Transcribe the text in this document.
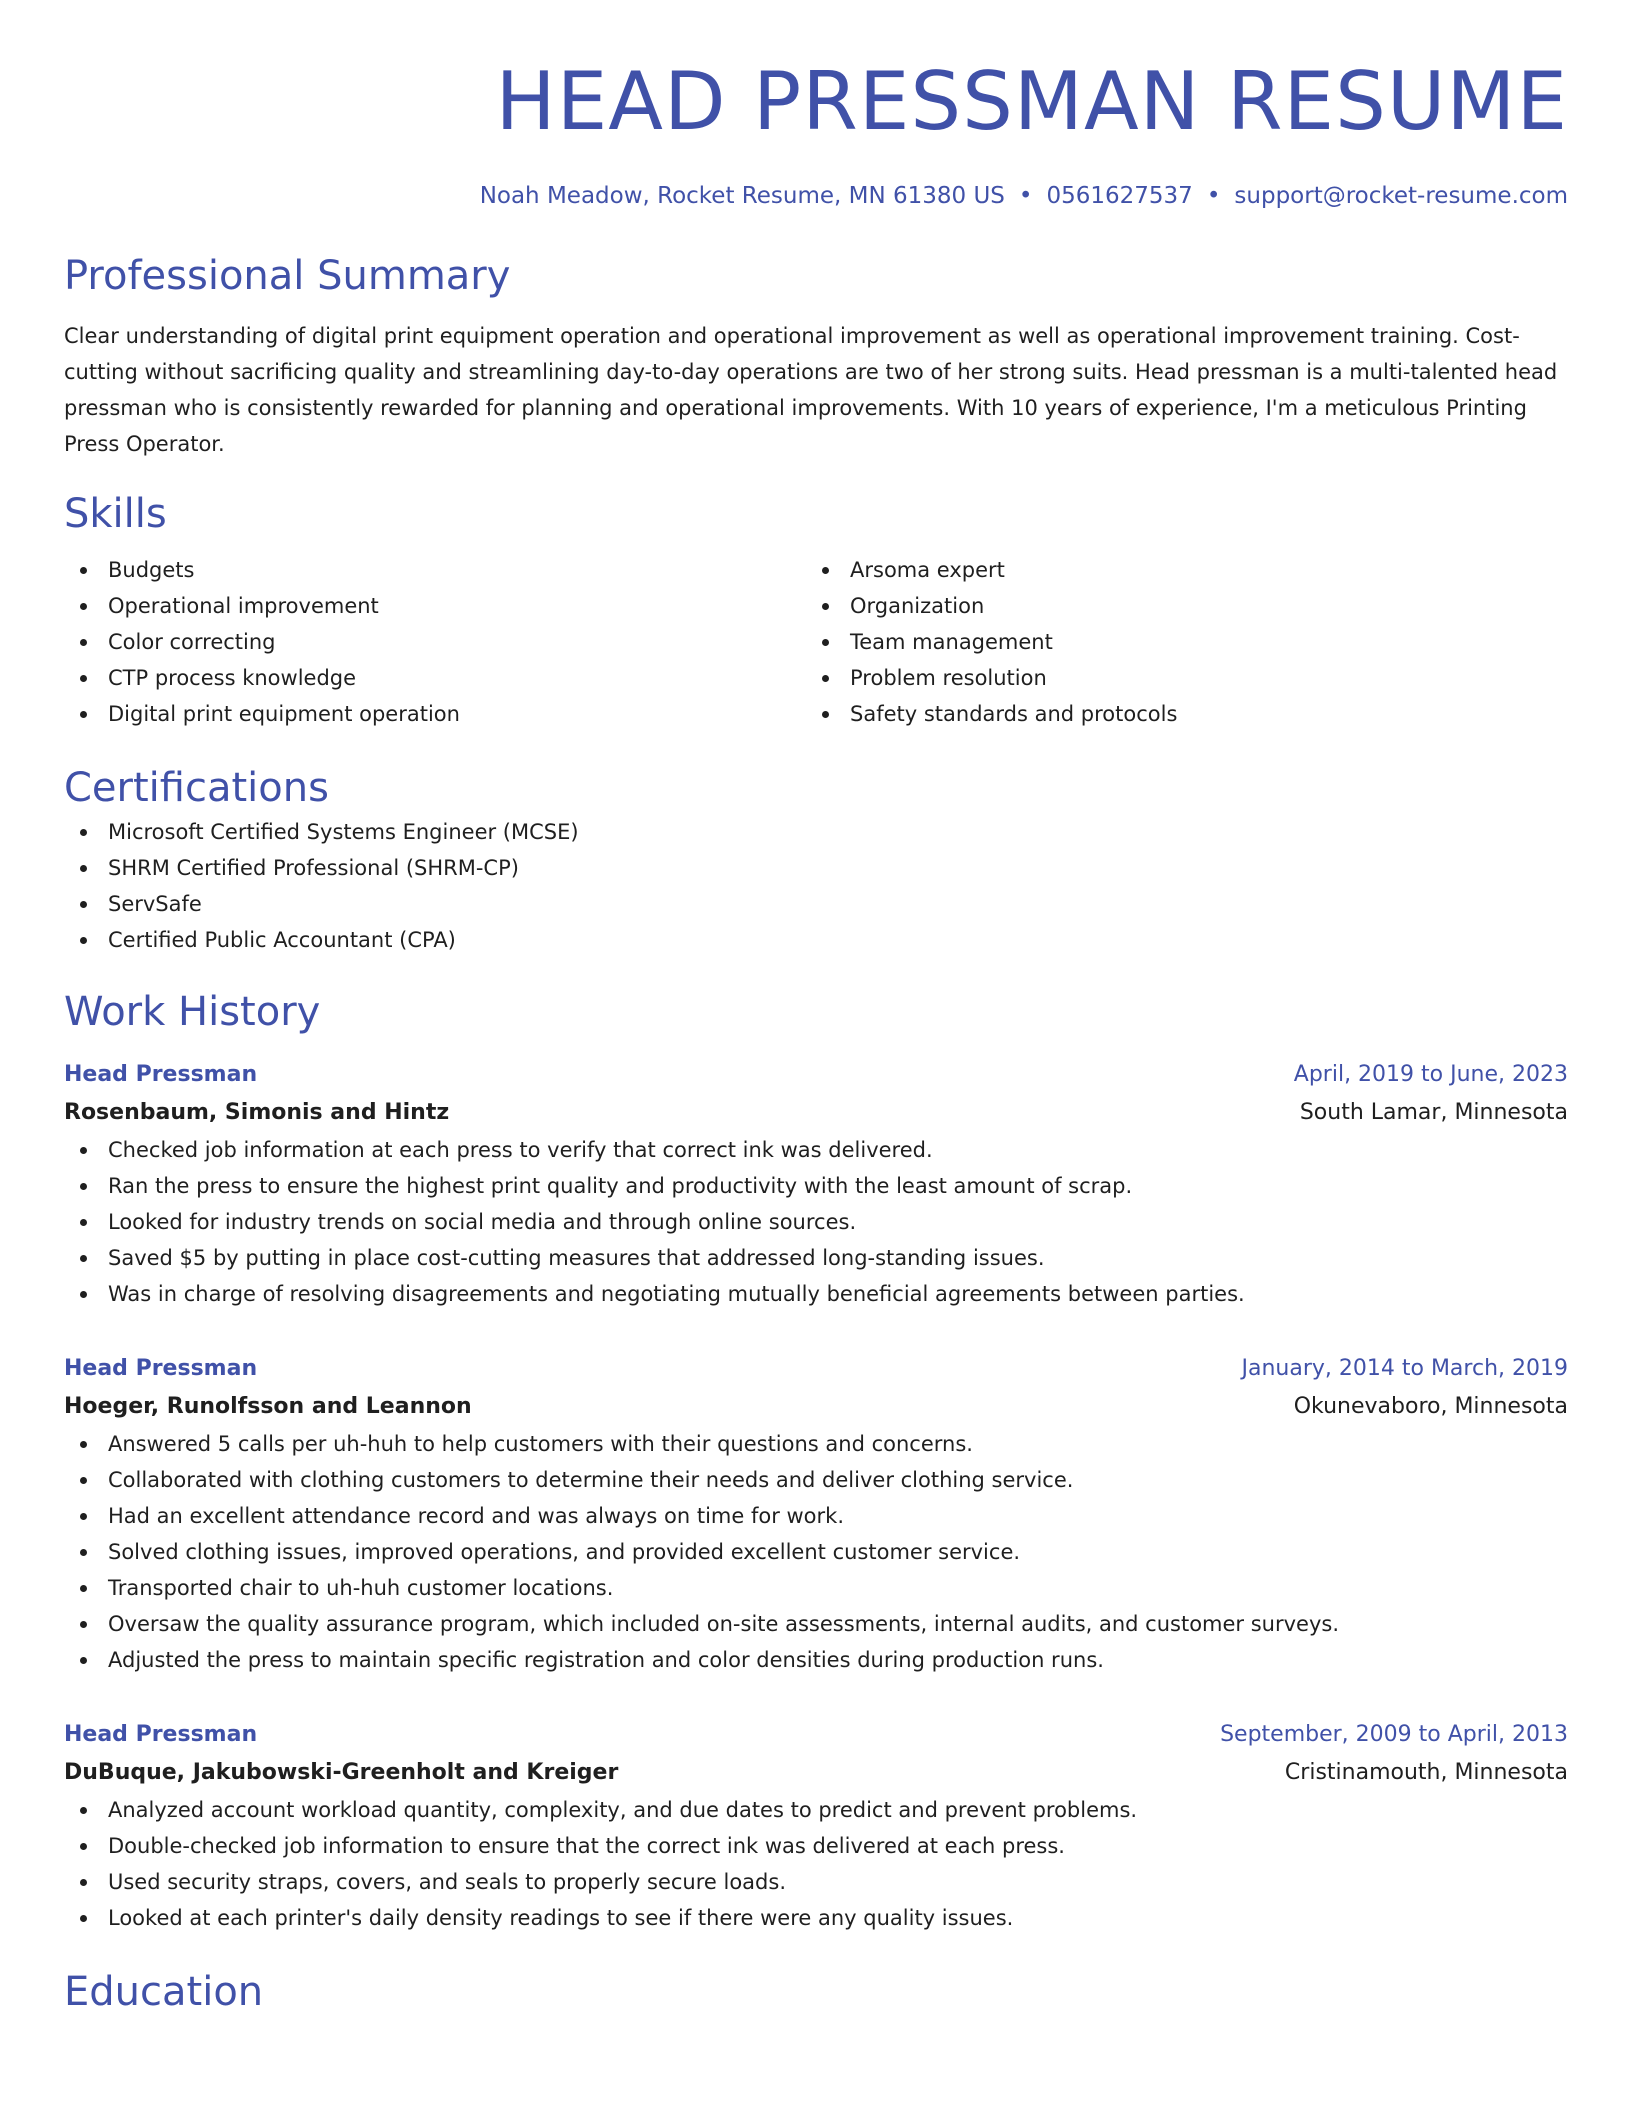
HEAD PRESSMAN RESUME
Noah Meadow, Rocket Resume, MN 61380 US • 0561627537 • support@rocket-resume.com
Professional Summary
Clear understanding of digital print equipment operation and operational improvement as well as operational improvement training. Cost-cutting without sacrificing quality and streamlining day-to-day operations are two of her strong suits. Head pressman is a multi-talented head pressman who is consistently rewarded for planning and operational improvements. With 10 years of experience, I'm a meticulous Printing Press Operator.
Skills
Budgets
Operational improvement
Color correcting
CTP process knowledge
Digital print equipment operation
Arsoma expert
Organization
Team management
Problem resolution
Safety standards and protocols
Certifications
Microsoft Certified Systems Engineer (MCSE)
SHRM Certified Professional (SHRM-CP)
ServSafe
Certified Public Accountant (CPA)
Work History
Head Pressman	April, 2019 to June, 2023
Rosenbaum, Simonis and Hintz	South Lamar, Minnesota
Checked job information at each press to verify that correct ink was delivered.
Ran the press to ensure the highest print quality and productivity with the least amount of scrap.
Looked for industry trends on social media and through online sources.
Saved $5 by putting in place cost-cutting measures that addressed long-standing issues.
Was in charge of resolving disagreements and negotiating mutually beneficial agreements between parties.
Head Pressman	January, 2014 to March, 2019
Hoeger, Runolfsson and Leannon	Okunevaboro, Minnesota
Answered 5 calls per uh-huh to help customers with their questions and concerns.
Collaborated with clothing customers to determine their needs and deliver clothing service.
Had an excellent attendance record and was always on time for work.
Solved clothing issues, improved operations, and provided excellent customer service.
Transported chair to uh-huh customer locations.
Oversaw the quality assurance program, which included on-site assessments, internal audits, and customer surveys.
Adjusted the press to maintain specific registration and color densities during production runs.
Head Pressman	September, 2009 to April, 2013
DuBuque, Jakubowski-Greenholt and Kreiger	Cristinamouth, Minnesota
Analyzed account workload quantity, complexity, and due dates to predict and prevent problems.
Double-checked job information to ensure that the correct ink was delivered at each press.
Used security straps, covers, and seals to properly secure loads.
Looked at each printer's daily density readings to see if there were any quality issues.
Education
